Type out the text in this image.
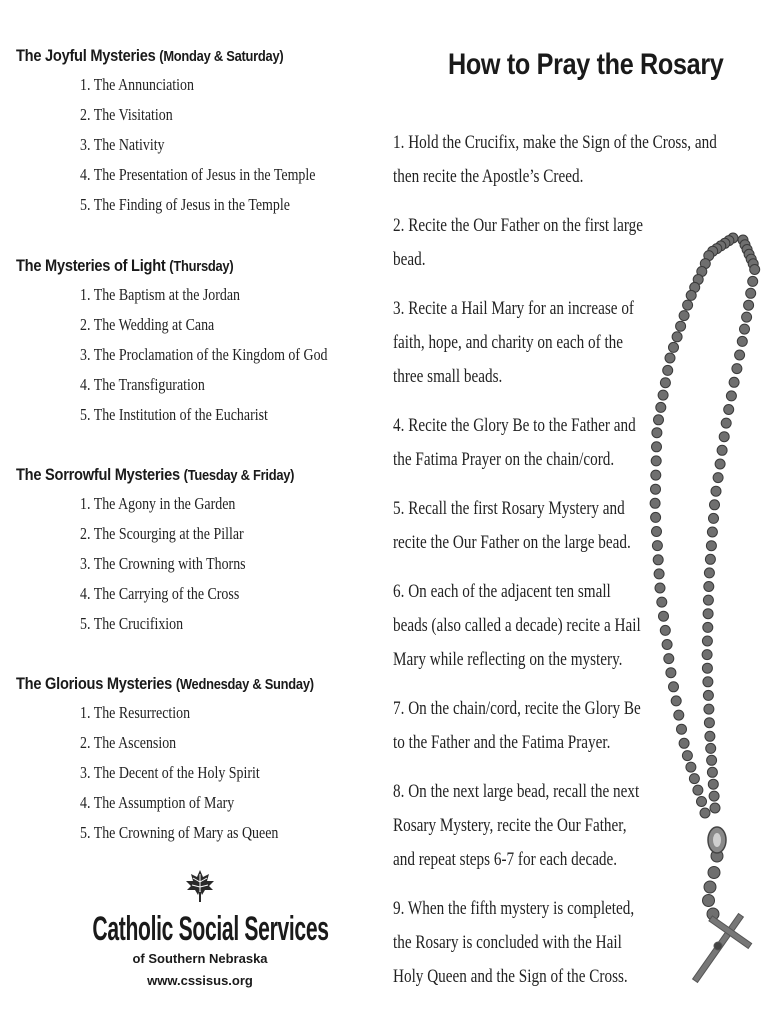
The Joyful Mysteries (Monday & Saturday)
1. The Annunciation
2. The Visitation
3. The Nativity
4. The Presentation of Jesus in the Temple
5. The Finding of Jesus in the Temple
The Mysteries of Light (Thursday)
1. The Baptism at the Jordan
2. The Wedding at Cana
3. The Proclamation of the Kingdom of God
4. The Transfiguration
5. The Institution of the Eucharist
The Sorrowful Mysteries (Tuesday & Friday)
1. The Agony in the Garden
2. The Scourging at the Pillar
3. The Crowning with Thorns
4. The Carrying of the Cross
5. The Crucifixion
The Glorious Mysteries (Wednesday & Sunday)
1. The Resurrection
2. The Ascension
3. The Decent of the Holy Spirit
4. The Assumption of Mary
5. The Crowning of Mary as Queen
Catholic Social Services
of Southern Nebraska
www.cssisus.org
How to Pray the Rosary

1. Hold the Crucifix, make the Sign of the Cross, and then recite the Apostle’s Creed.

2. Recite the Our Father on the first large bead.

3. Recite a Hail Mary for an increase of faith, hope, and charity on each of the three small beads.

4. Recite the Glory Be to the Father and the Fatima Prayer on the chain/cord.

5. Recall the first Rosary Mystery and recite the Our Father on the large bead.

6. On each of the adjacent ten small beads (also called a decade) recite a Hail Mary while reflecting on the mystery.

7. On the chain/cord, recite the Glory Be to the Father and the Fatima Prayer.

8. On the next large bead, recall the next Rosary Mystery, recite the Our Father, and repeat steps 6-7 for each decade.

9. When the fifth mystery is completed, the Rosary is concluded with the Hail Holy Queen and the Sign of the Cross.
